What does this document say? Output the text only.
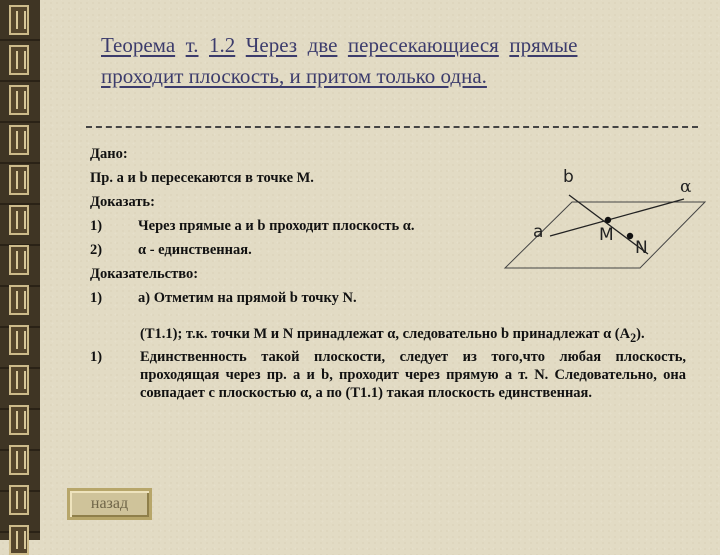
Теорема т. 1.2 Через две пересекающиеся прямые
проходит плоскость, и притом только одна.
Дано:
Пр. a и b пересекаются в точке М.
Доказать:
1)	Через прямые a и b проходит плоскость α.
2)	α - единственная.
Доказательство:
1)	а) Отметим на прямой b точку N.
b	α
a	M
N
(Т1.1); т.к. точки М и N принадлежат α, следовательно b принадлежат α $(А_2)$.
1)	Единственность такой плоскости, следует из того,что любая плоскость, проходящая через пр. a и b, проходит через прямую a т. N. Следовательно, она совпадает с плоскостью α, а по (Т1.1) такая плоскость единственная.
назад
